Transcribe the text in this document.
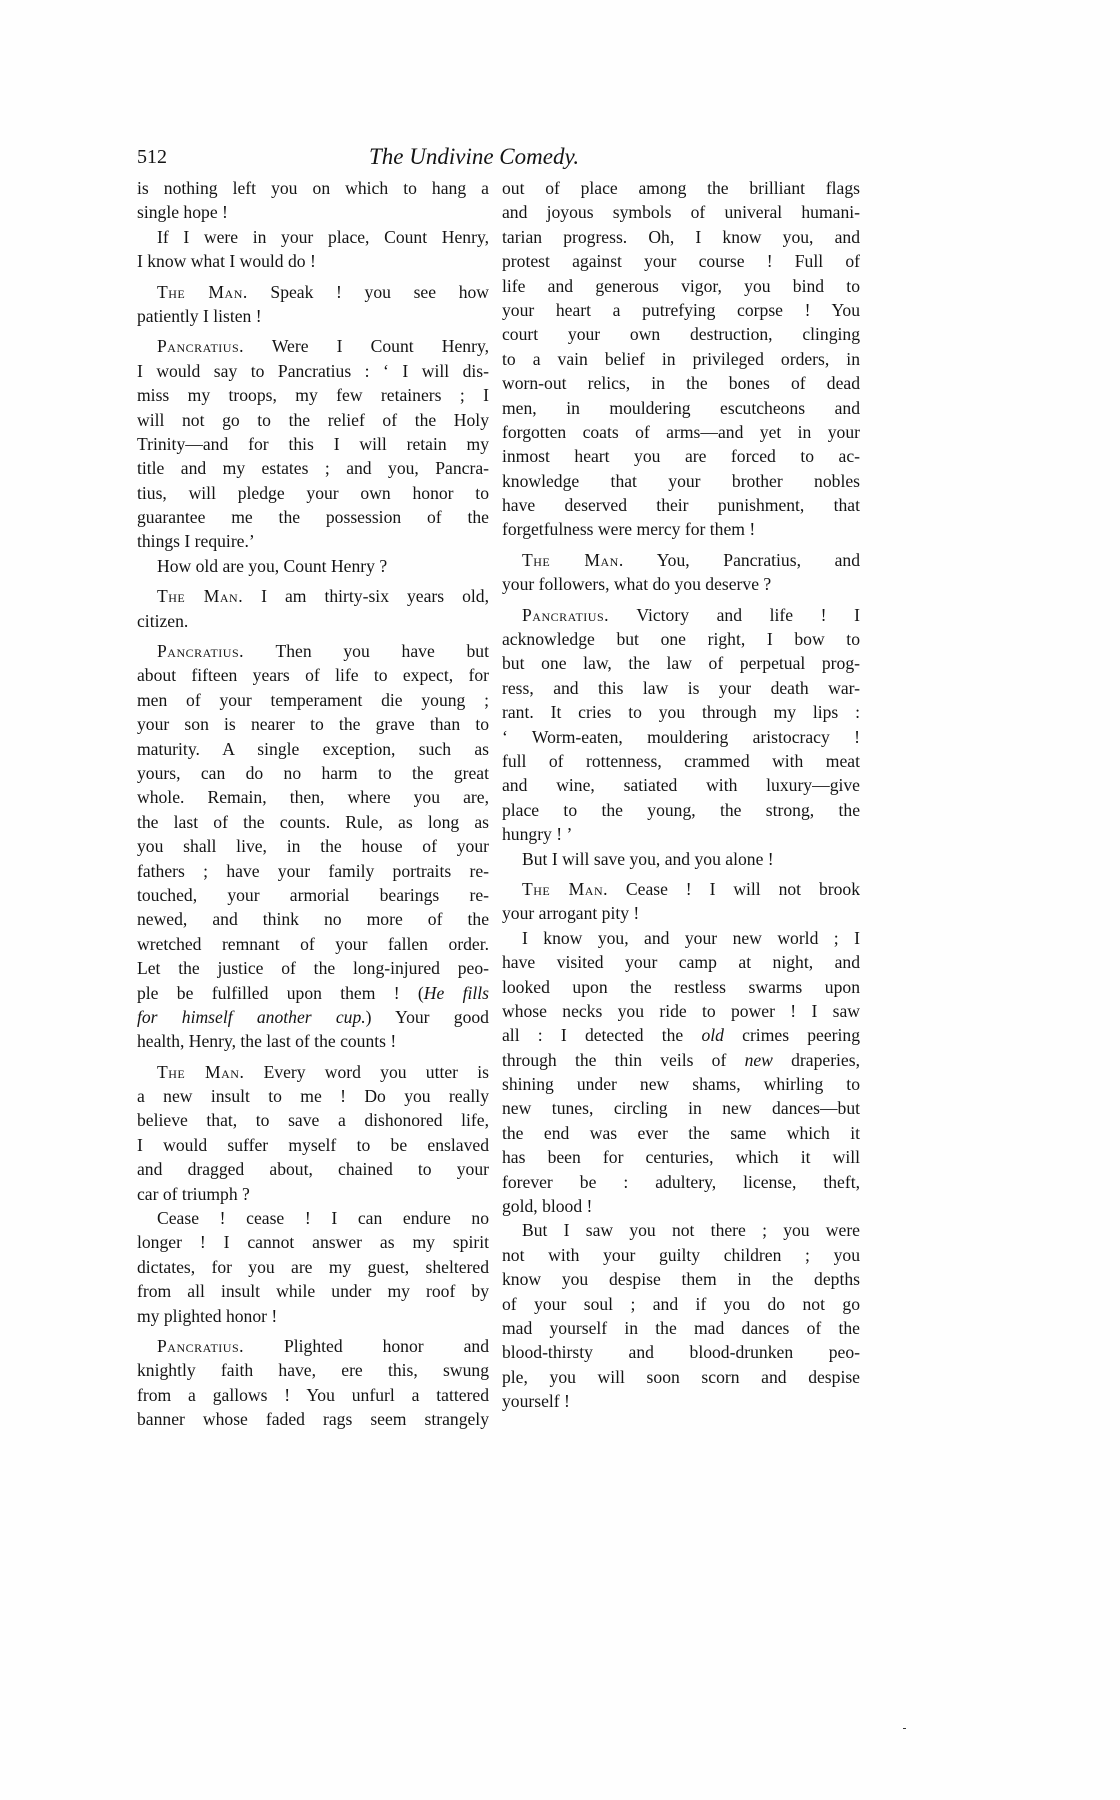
512	The Undivine Comedy.
is nothing left you on which to hang a
single hope !
If I were in your place, Count Henry,
I know what I would do !
The Man. Speak ! you see how
patiently I listen !
Pancratius. Were I Count Henry,
I would say to Pancratius : ‘ I will dis-
miss my troops, my few retainers ; I
will not go to the relief of the Holy
Trinity—and for this I will retain my
title and my estates ; and you, Pancra-
tius, will pledge your own honor to
guarantee me the possession of the
things I require.’
How old are you, Count Henry ?
The Man. I am thirty-six years old,
citizen.
Pancratius. Then you have but
about fifteen years of life to expect, for
men of your temperament die young ;
your son is nearer to the grave than to
maturity. A single exception, such as
yours, can do no harm to the great
whole. Remain, then, where you are,
the last of the counts. Rule, as long as
you shall live, in the house of your
fathers ; have your family portraits re-
touched, your armorial bearings re-
newed, and think no more of the
wretched remnant of your fallen order.
Let the justice of the long-injured peo-
ple be fulfilled upon them ! (He fills
for himself another cup.) Your good
health, Henry, the last of the counts !
The Man. Every word you utter is
a new insult to me ! Do you really
believe that, to save a dishonored life,
I would suffer myself to be enslaved
and dragged about, chained to your
car of triumph ?
Cease ! cease ! I can endure no
longer ! I cannot answer as my spirit
dictates, for you are my guest, sheltered
from all insult while under my roof by
my plighted honor !
Pancratius. Plighted honor and
knightly faith have, ere this, swung
from a gallows ! You unfurl a tattered
banner whose faded rags seem strangely
out of place among the brilliant flags
and joyous symbols of univeral humani-
tarian progress. Oh, I know you, and
protest against your course ! Full of
life and generous vigor, you bind to
your heart a putrefying corpse ! You
court your own destruction, clinging
to a vain belief in privileged orders, in
worn-out relics, in the bones of dead
men, in mouldering escutcheons and
forgotten coats of arms—and yet in your
inmost heart you are forced to ac-
knowledge that your brother nobles
have deserved their punishment, that
forgetfulness were mercy for them !
The Man. You, Pancratius, and
your followers, what do you deserve ?
Pancratius. Victory and life ! I
acknowledge but one right, I bow to
but one law, the law of perpetual prog-
ress, and this law is your death war-
rant. It cries to you through my lips :
‘ Worm-eaten, mouldering aristocracy !
full of rottenness, crammed with meat
and wine, satiated with luxury—give
place to the young, the strong, the
hungry ! ’
But I will save you, and you alone !
The Man. Cease ! I will not brook
your arrogant pity !
I know you, and your new world ; I
have visited your camp at night, and
looked upon the restless swarms upon
whose necks you ride to power ! I saw
all : I detected the old crimes peering
through the thin veils of new draperies,
shining under new shams, whirling to
new tunes, circling in new dances—but
the end was ever the same which it
has been for centuries, which it will
forever be : adultery, license, theft,
gold, blood !
But I saw you not there ; you were
not with your guilty children ; you
know you despise them in the depths
of your soul ; and if you do not go
mad yourself in the mad dances of the
blood-thirsty and blood-drunken peo-
ple, you will soon scorn and despise
yourself !
